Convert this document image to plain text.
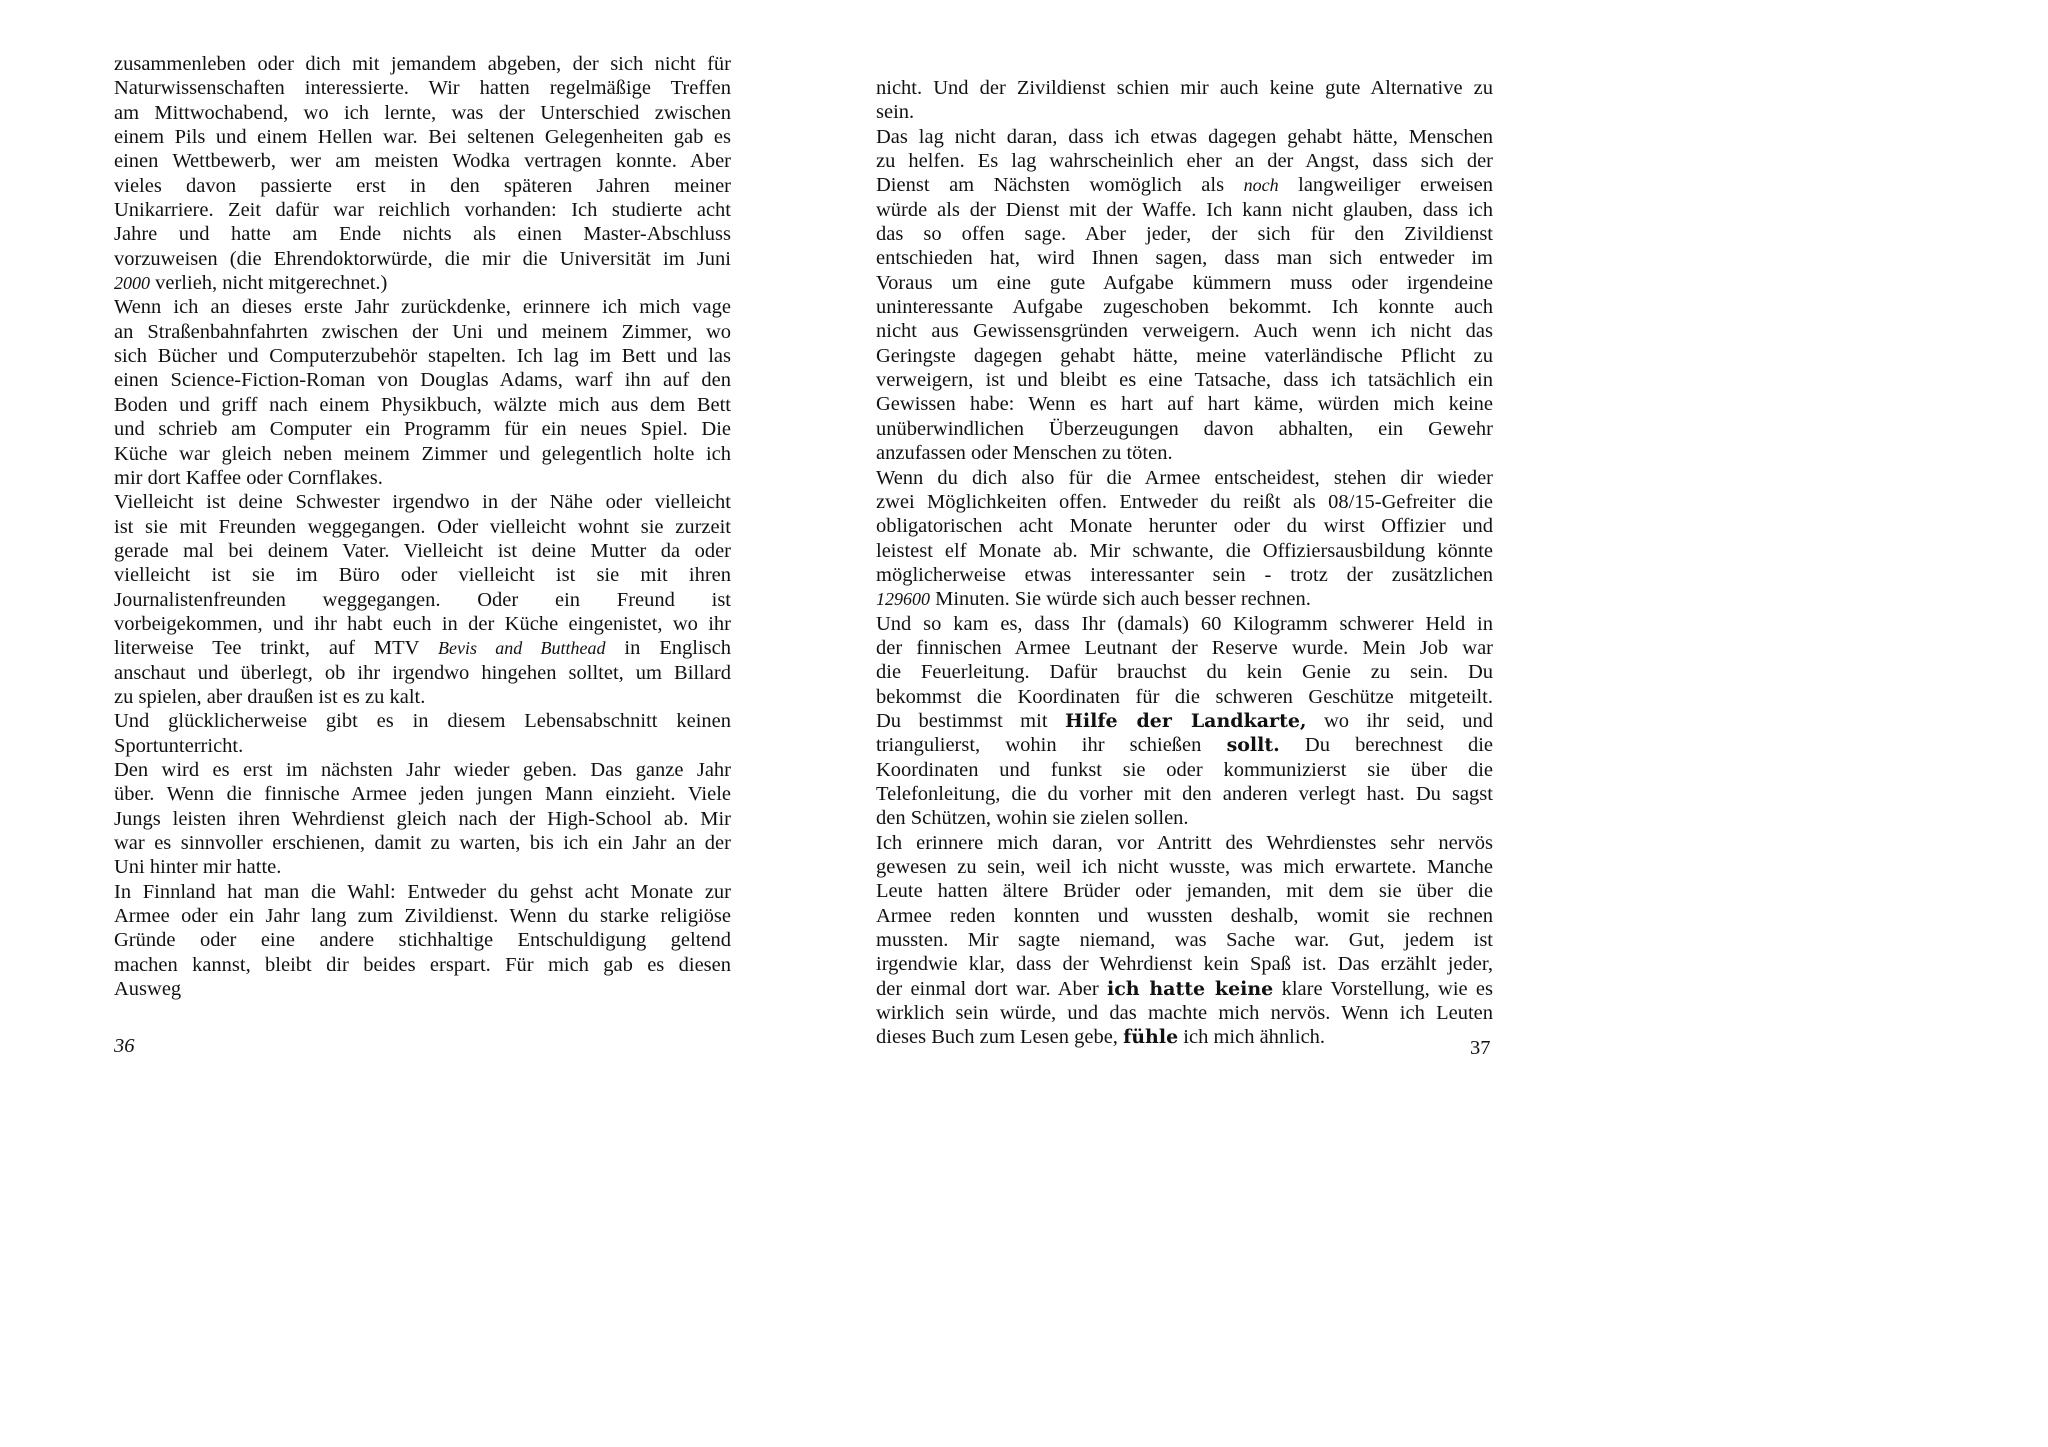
zusammenleben oder dich mit jemandem abgeben, der sich nicht für
Naturwissenschaften interessierte. Wir hatten regelmäßige Treffen
am Mittwochabend, wo ich lernte, was der Unterschied zwischen
einem Pils und einem Hellen war. Bei seltenen Gelegenheiten gab es
einen Wettbewerb, wer am meisten Wodka vertragen konnte. Aber
vieles davon passierte erst in den späteren Jahren meiner
Unikarriere. Zeit dafür war reichlich vorhanden: Ich studierte acht
Jahre und hatte am Ende nichts als einen Master-Abschluss
vorzuweisen (die Ehrendoktorwürde, die mir die Universität im Juni
2000 verlieh, nicht mitgerechnet.)
Wenn ich an dieses erste Jahr zurückdenke, erinnere ich mich vage
an Straßenbahnfahrten zwischen der Uni und meinem Zimmer, wo
sich Bücher und Computerzubehör stapelten. Ich lag im Bett und las
einen Science-Fiction-Roman von Douglas Adams, warf ihn auf den
Boden und griff nach einem Physikbuch, wälzte mich aus dem Bett
und schrieb am Computer ein Programm für ein neues Spiel. Die
Küche war gleich neben meinem Zimmer und gelegentlich holte ich
mir dort Kaffee oder Cornflakes.
Vielleicht ist deine Schwester irgendwo in der Nähe oder vielleicht
ist sie mit Freunden weggegangen. Oder vielleicht wohnt sie zurzeit
gerade mal bei deinem Vater. Vielleicht ist deine Mutter da oder
vielleicht ist sie im Büro oder vielleicht ist sie mit ihren
Journalistenfreunden weggegangen. Oder ein Freund ist
vorbeigekommen, und ihr habt euch in der Küche eingenistet, wo ihr
literweise Tee trinkt, auf MTV Bevis and Butthead in Englisch
anschaut und überlegt, ob ihr irgendwo hingehen solltet, um Billard
zu spielen, aber draußen ist es zu kalt.
Und glücklicherweise gibt es in diesem Lebensabschnitt keinen
Sportunterricht.
Den wird es erst im nächsten Jahr wieder geben. Das ganze Jahr
über. Wenn die finnische Armee jeden jungen Mann einzieht. Viele
Jungs leisten ihren Wehrdienst gleich nach der High-School ab. Mir
war es sinnvoller erschienen, damit zu warten, bis ich ein Jahr an der
Uni hinter mir hatte.
In Finnland hat man die Wahl: Entweder du gehst acht Monate zur
Armee oder ein Jahr lang zum Zivildienst. Wenn du starke religiöse
Gründe oder eine andere stichhaltige Entschuldigung geltend
machen kannst, bleibt dir beides erspart. Für mich gab es diesen
Ausweg
nicht. Und der Zivildienst schien mir auch keine gute Alternative zu
sein.
Das lag nicht daran, dass ich etwas dagegen gehabt hätte, Menschen
zu helfen. Es lag wahrscheinlich eher an der Angst, dass sich der
Dienst am Nächsten womöglich als noch langweiliger erweisen
würde als der Dienst mit der Waffe. Ich kann nicht glauben, dass ich
das so offen sage. Aber jeder, der sich für den Zivildienst
entschieden hat, wird Ihnen sagen, dass man sich entweder im
Voraus um eine gute Aufgabe kümmern muss oder irgendeine
uninteressante Aufgabe zugeschoben bekommt. Ich konnte auch
nicht aus Gewissensgründen verweigern. Auch wenn ich nicht das
Geringste dagegen gehabt hätte, meine vaterländische Pflicht zu
verweigern, ist und bleibt es eine Tatsache, dass ich tatsächlich ein
Gewissen habe: Wenn es hart auf hart käme, würden mich keine
unüberwindlichen Überzeugungen davon abhalten, ein Gewehr
anzufassen oder Menschen zu töten.
Wenn du dich also für die Armee entscheidest, stehen dir wieder
zwei Möglichkeiten offen. Entweder du reißt als 08/15-Gefreiter die
obligatorischen acht Monate herunter oder du wirst Offizier und
leistest elf Monate ab. Mir schwante, die Offiziersausbildung könnte
möglicherweise etwas interessanter sein - trotz der zusätzlichen
129600 Minuten. Sie würde sich auch besser rechnen.
Und so kam es, dass Ihr (damals) 60 Kilogramm schwerer Held in
der finnischen Armee Leutnant der Reserve wurde. Mein Job war
die Feuerleitung. Dafür brauchst du kein Genie zu sein. Du
bekommst die Koordinaten für die schweren Geschütze mitgeteilt.
Du bestimmst mit Hilfe der Landkarte, wo ihr seid, und
triangulierst, wohin ihr schießen sollt. Du berechnest die
Koordinaten und funkst sie oder kommunizierst sie über die
Telefonleitung, die du vorher mit den anderen verlegt hast. Du sagst
den Schützen, wohin sie zielen sollen.
Ich erinnere mich daran, vor Antritt des Wehrdienstes sehr nervös
gewesen zu sein, weil ich nicht wusste, was mich erwartete. Manche
Leute hatten ältere Brüder oder jemanden, mit dem sie über die
Armee reden konnten und wussten deshalb, womit sie rechnen
mussten. Mir sagte niemand, was Sache war. Gut, jedem ist
irgendwie klar, dass der Wehrdienst kein Spaß ist. Das erzählt jeder,
der einmal dort war. Aber ich hatte keine klare Vorstellung, wie es
wirklich sein würde, und das machte mich nervös. Wenn ich Leuten
dieses Buch zum Lesen gebe, fühle ich mich ähnlich.
36	37
